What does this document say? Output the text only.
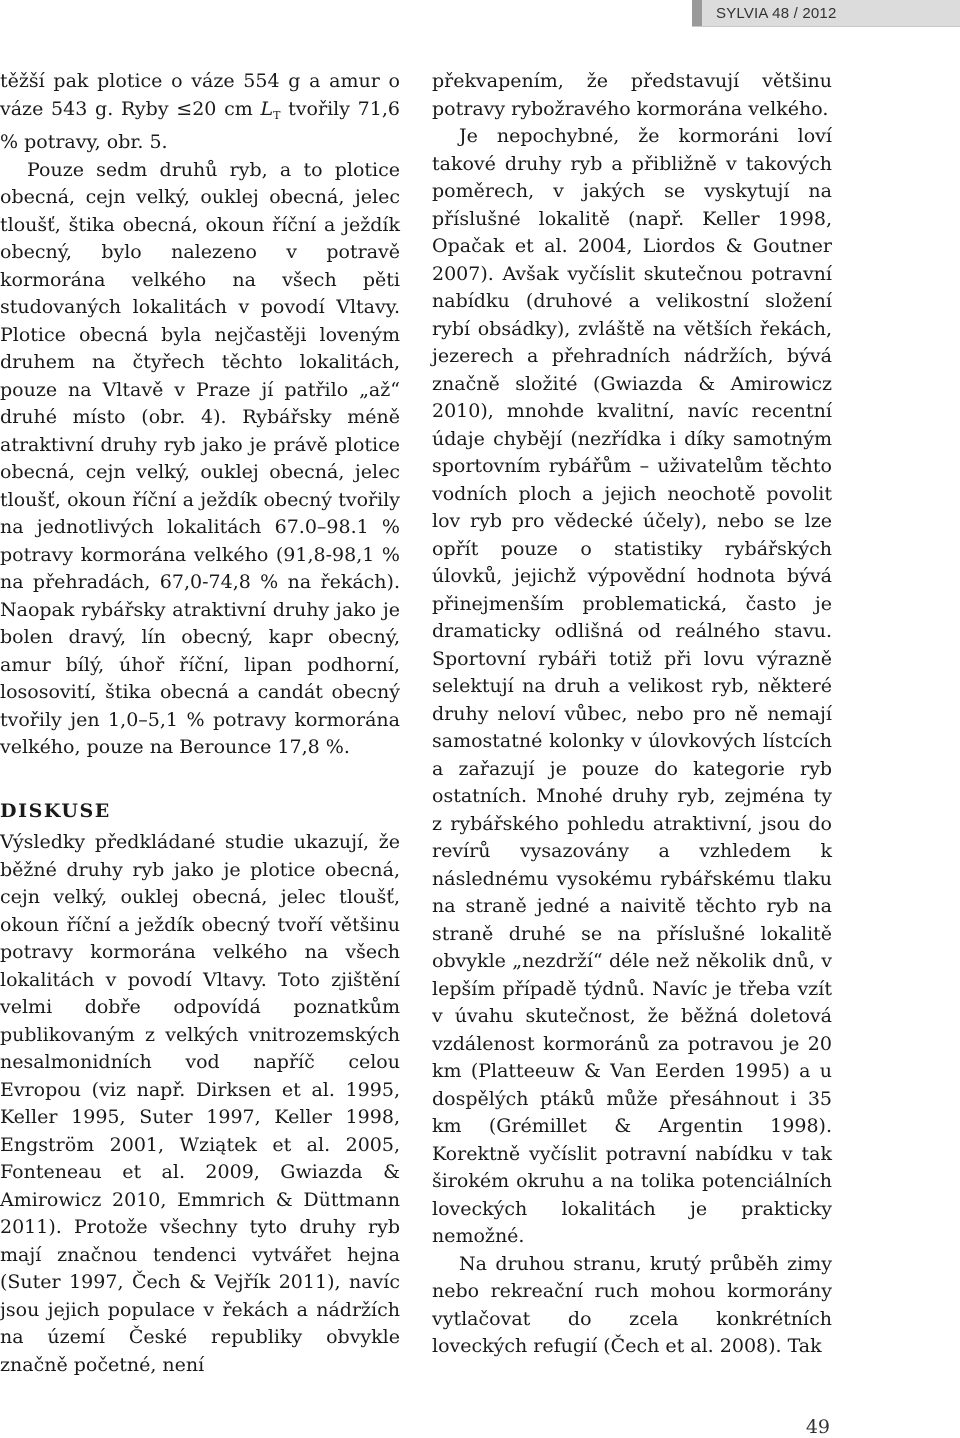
SYLVIA 48 / 2012

těžší pak plotice o váze 554 g a amur o váze 543 g. Ryby ≤20 cm $L_T$ tvořily 71,6 % potravy, obr. 5.

Pouze sedm druhů ryb, a to plotice obecná, cejn velký, ouklej obecná, jelec tloušť, štika obecná, okoun říční a ježdík obecný, bylo nalezeno v potravě kormorána velkého na všech pěti studovaných lokalitách v povodí Vltavy. Plotice obecná byla nejčastěji loveným druhem na čtyřech těchto lokalitách, pouze na Vltavě v Praze jí patřilo „až“ druhé místo (obr. 4). Rybářsky méně atraktivní druhy ryb jako je právě plotice obecná, cejn velký, ouklej obecná, jelec tloušť, okoun říční a ježdík obecný tvořily na jednotlivých lokalitách 67.0–98.1 % potravy kormorána velkého (91,8-98,1 % na přehradách, 67,0-74,8 % na řekách). Naopak rybářsky atraktivní druhy jako je bolen dravý, lín obecný, kapr obecný, amur bílý, úhoř říční, lipan podhorní, lososovití, štika obecná a candát obecný tvořily jen 1,0–5,1 % potravy kormorána velkého, pouze na Berounce 17,8 %.

DISKUSE

Výsledky předkládané studie ukazují, že běžné druhy ryb jako je plotice obecná, cejn velký, ouklej obecná, jelec tloušť, okoun říční a ježdík obecný tvoří většinu potravy kormorána velkého na všech lokalitách v povodí Vltavy. Toto zjištění velmi dobře odpovídá poznatkům publikovaným z velkých vnitrozemských nesalmonidních vod napříč celou Evropou (viz např. Dirksen et al. 1995, Keller 1995, Suter 1997, Keller 1998, Engström 2001, Wziątek et al. 2005, Fonteneau et al. 2009, Gwiazda & Amirowicz 2010, Emmrich & Düttmann 2011). Protože všechny tyto druhy ryb mají značnou tendenci vytvářet hejna (Suter 1997, Čech & Vejřík 2011), navíc jsou jejich populace v řekách a nádržích na území České republiky obvykle značně početné, není

překvapením, že představují většinu potravy rybožravého kormorána velkého.

Je nepochybné, že kormoráni loví takové druhy ryb a přibližně v takových poměrech, v jakých se vyskytují na příslušné lokalitě (např. Keller 1998, Opačak et al. 2004, Liordos & Goutner 2007). Avšak vyčíslit skutečnou potravní nabídku (druhové a velikostní složení rybí obsádky), zvláště na větších řekách, jezerech a přehradních nádržích, bývá značně složité (Gwiazda & Amirowicz 2010), mnohde kvalitní, navíc recentní údaje chybějí (nezřídka i díky samotným sportovním rybářům – uživatelům těchto vodních ploch a jejich neochotě povolit lov ryb pro vědecké účely), nebo se lze opřít pouze o statistiky rybářských úlovků, jejichž výpovědní hodnota bývá přinejmenším problematická, často je dramaticky odlišná od reálného stavu. Sportovní rybáři totiž při lovu výrazně selektují na druh a velikost ryb, některé druhy neloví vůbec, nebo pro ně nemají samostatné kolonky v úlovkových lístcích a zařazují je pouze do kategorie ryb ostatních. Mnohé druhy ryb, zejména ty z rybářského pohledu atraktivní, jsou do revírů vysazovány a vzhledem k následnému vysokému rybářskému tlaku na straně jedné a naivitě těchto ryb na straně druhé se na příslušné lokalitě obvykle „nezdrží“ déle než několik dnů, v lepším případě týdnů. Navíc je třeba vzít v úvahu skutečnost, že běžná doletová vzdálenost kormoránů za potravou je 20 km (Platteeuw & Van Eerden 1995) a u dospělých ptáků může přesáhnout i 35 km (Grémillet & Argentin 1998). Korektně vyčíslit potravní nabídku v tak širokém okruhu a na tolika potenciálních loveckých lokalitách je prakticky nemožné.

Na druhou stranu, krutý průběh zimy nebo rekreační ruch mohou kormorány vytlačovat do zcela konkrétních loveckých refugií (Čech et al. 2008). Tak

49
